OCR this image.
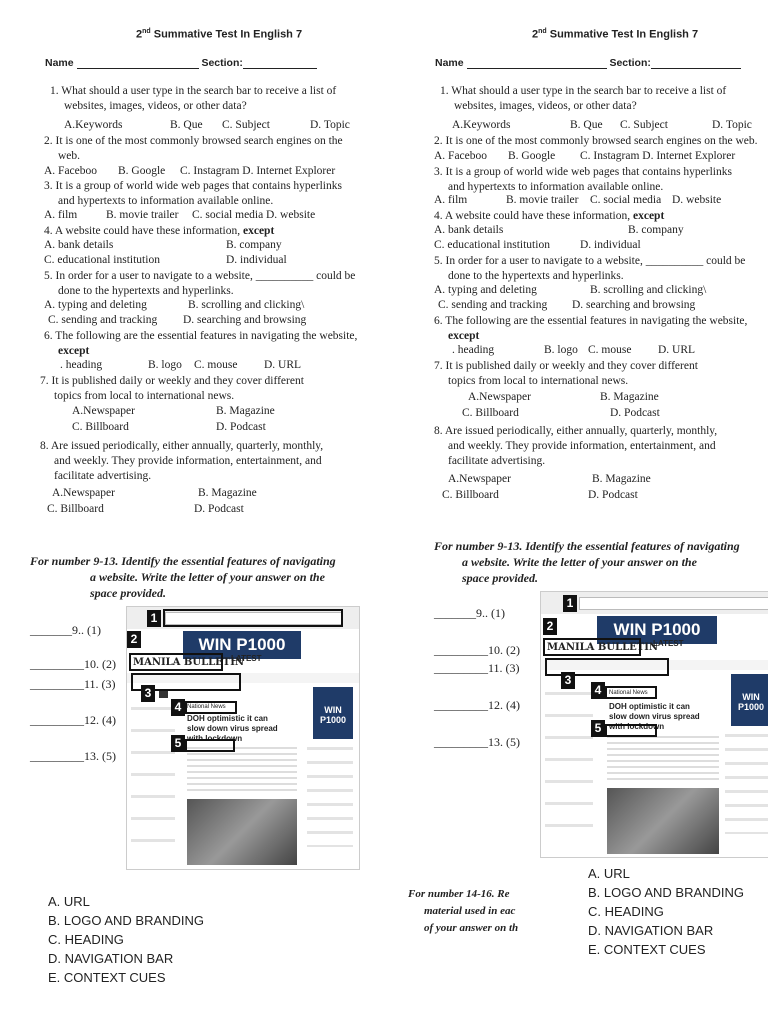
2nd Summative Test In English 7
Name	Section:
1. What should a user type in the search bar to receive a list of
websites, images, videos, or other data?
A.Keywords	B. Que C. Subject	D. Topic
2. It is one of the most commonly browsed search engines on the
web.
A. Faceboo B. Google C. Instagram D. Internet Explorer
3. It is a group of world wide web pages that contains hyperlinks
and hypertexts to information available online.
A. film	B. movie trailer C. social media D. website
4. A website could have these information, except
A. bank details	B. company
C. educational institution	D. individual
5. In order for a user to navigate to a website, __________ could be
done to the hypertexts and hyperlinks.
A. typing and deleting	B. scrolling and clicking\
C. sending and tracking D. searching and browsing
6. The following are the essential features in navigating the website,
except
. heading	B. logo C. mouse D. URL
7. It is published daily or weekly and they cover different
topics from local to international news.
A.Newspaper	B. Magazine
C. Billboard	D. Podcast
8. Are issued periodically, either annually, quarterly, monthly,
and weekly. They provide information, entertainment, and
facilitate advertising.
A.Newspaper	B. Magazine
C. Billboard	D. Podcast
For number 9-13. Identify the essential features of navigating
a website. Write the letter of your answer on the
space provided.
_______9.. (1)
_________10. (2)
_________11. (3)
_________12. (4)
_________13. (5)
WIN P1000
MANILA BULLETIN
LATEST
DOH optimistic it can slow down virus spread with lockdown
National News	WIN P1000
1
2
3
4
5
A. URL
B. LOGO AND BRANDING
C. HEADING
D. NAVIGATION BAR
E. CONTEXT CUES
2nd Summative Test In English 7
Name	Section:
1. What should a user type in the search bar to receive a list of
websites, images, videos, or other data?
A.Keywords	B. Que C. Subject	D. Topic
2. It is one of the most commonly browsed search engines on the web.
A. Faceboo B. Google C. Instagram D. Internet Explorer
3. It is a group of world wide web pages that contains hyperlinks
and hypertexts to information available online.
A. film	B. movie trailer C. social media D. website
4. A website could have these information, except
A. bank details	B. company
C. educational institution	D. individual
5. In order for a user to navigate to a website, __________ could be
done to the hypertexts and hyperlinks.
A. typing and deleting	B. scrolling and clicking\
C. sending and tracking D. searching and browsing
6. The following are the essential features in navigating the website,
except
. heading	B. logo C. mouse D. URL
7. It is published daily or weekly and they cover different
topics from local to international news.
A.Newspaper	B. Magazine
C. Billboard	D. Podcast
8. Are issued periodically, either annually, quarterly, monthly,
and weekly. They provide information, entertainment, and
facilitate advertising.
A.Newspaper	B. Magazine
C. Billboard	D. Podcast
For number 9-13. Identify the essential features of navigating
a website. Write the letter of your answer on the
space provided.
_______9.. (1)
_________10. (2)
_________11. (3)
_________12. (4)
_________13. (5)
WIN P1000
MANILA BULLETIN
LATEST
DOH optimistic it can slow down virus spread with lockdown
National News	WIN P1000
1
2
3
4
5
For number 14-16. Re
material used in eac
of your answer on th
A. URL
B. LOGO AND BRANDING
C. HEADING
D. NAVIGATION BAR
E. CONTEXT CUES
